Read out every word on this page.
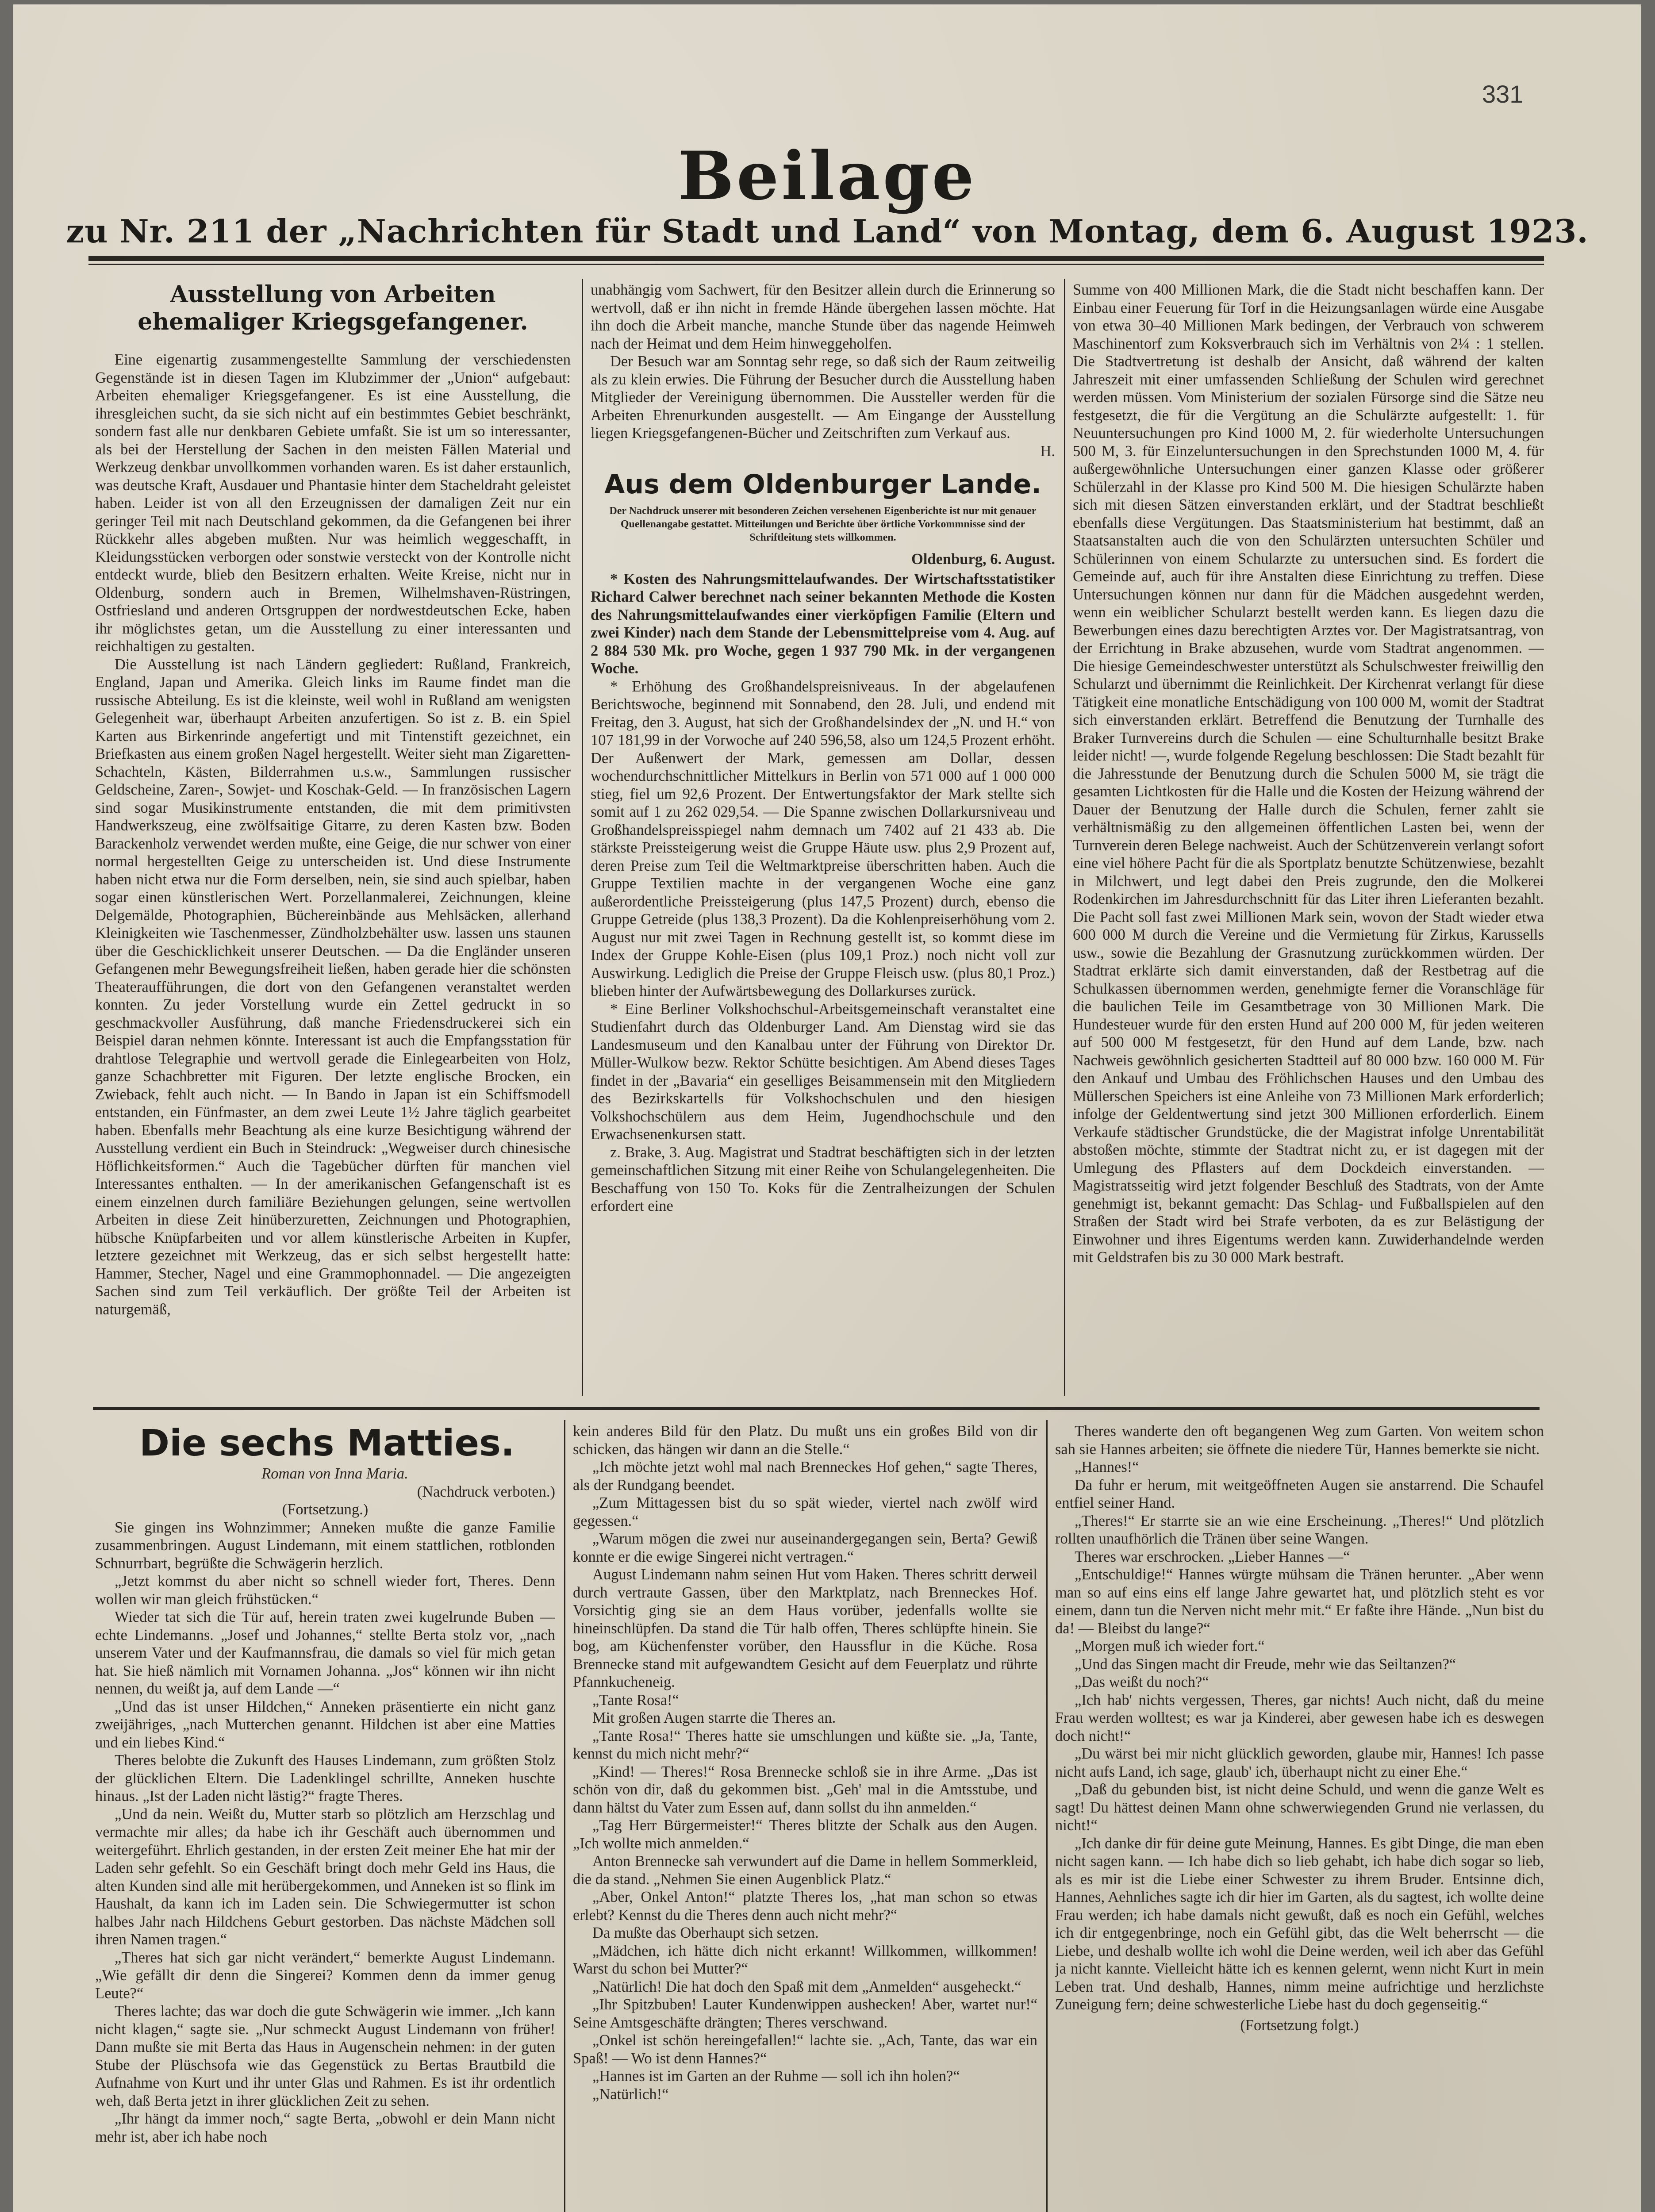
331
Beilage
zu Nr. 211 der „Nachrichten für Stadt und Land“ von Montag, dem 6. August 1923.
Ausstellung von Arbeiten ehemaliger Kriegsgefangener.

Eine eigenartig zusammengestellte Sammlung der verschiedensten Gegenstände ist in diesen Tagen im Klubzimmer der „Union“ aufgebaut: Arbeiten ehemaliger Kriegsgefangener. Es ist eine Ausstellung, die ihresgleichen sucht, da sie sich nicht auf ein bestimmtes Gebiet beschränkt, sondern fast alle nur denkbaren Gebiete umfaßt. Sie ist um so interessanter, als bei der Herstellung der Sachen in den meisten Fällen Material und Werkzeug denkbar unvollkommen vorhanden waren. Es ist daher erstaunlich, was deutsche Kraft, Ausdauer und Phantasie hinter dem Stacheldraht geleistet haben. Leider ist von all den Erzeugnissen der damaligen Zeit nur ein geringer Teil mit nach Deutschland gekommen, da die Gefangenen bei ihrer Rückkehr alles abgeben mußten. Nur was heimlich weggeschafft, in Kleidungsstücken verborgen oder sonstwie versteckt von der Kontrolle nicht entdeckt wurde, blieb den Besitzern erhalten. Weite Kreise, nicht nur in Oldenburg, sondern auch in Bremen, Wilhelmshaven-Rüstringen, Ostfriesland und anderen Ortsgruppen der nordwestdeutschen Ecke, haben ihr möglichstes getan, um die Ausstellung zu einer interessanten und reichhaltigen zu gestalten.

Die Ausstellung ist nach Ländern gegliedert: Rußland, Frankreich, England, Japan und Amerika. Gleich links im Raume findet man die russische Abteilung. Es ist die kleinste, weil wohl in Rußland am wenigsten Gelegenheit war, überhaupt Arbeiten anzufertigen. So ist z. B. ein Spiel Karten aus Birkenrinde angefertigt und mit Tintenstift gezeichnet, ein Briefkasten aus einem großen Nagel hergestellt. Weiter sieht man Zigaretten-Schachteln, Kästen, Bilderrahmen u.s.w., Sammlungen russischer Geldscheine, Zaren-, Sowjet- und Koschak-Geld. — In französischen Lagern sind sogar Musikinstrumente entstanden, die mit dem primitivsten Handwerkszeug, eine zwölfsaitige Gitarre, zu deren Kasten bzw. Boden Barackenholz verwendet werden mußte, eine Geige, die nur schwer von einer normal hergestellten Geige zu unterscheiden ist. Und diese Instrumente haben nicht etwa nur die Form derselben, nein, sie sind auch spielbar, haben sogar einen künstlerischen Wert. Porzellanmalerei, Zeichnungen, kleine Delgemälde, Photographien, Büchereinbände aus Mehlsäcken, allerhand Kleinigkeiten wie Taschenmesser, Zündholzbehälter usw. lassen uns staunen über die Geschicklichkeit unserer Deutschen. — Da die Engländer unseren Gefangenen mehr Bewegungsfreiheit ließen, haben gerade hier die schönsten Theateraufführungen, die dort von den Gefangenen veranstaltet werden konnten. Zu jeder Vorstellung wurde ein Zettel gedruckt in so geschmackvoller Ausführung, daß manche Friedensdruckerei sich ein Beispiel daran nehmen könnte. Interessant ist auch die Empfangsstation für drahtlose Telegraphie und wertvoll gerade die Einlegearbeiten von Holz, ganze Schachbretter mit Figuren. Der letzte englische Brocken, ein Zwieback, fehlt auch nicht. — In Bando in Japan ist ein Schiffsmodell entstanden, ein Fünfmaster, an dem zwei Leute 1½ Jahre täglich gearbeitet haben. Ebenfalls mehr Beachtung als eine kurze Besichtigung während der Ausstellung verdient ein Buch in Steindruck: „Wegweiser durch chinesische Höflichkeitsformen.“ Auch die Tagebücher dürften für manchen viel Interessantes enthalten. — In der amerikanischen Gefangenschaft ist es einem einzelnen durch familiäre Beziehungen gelungen, seine wertvollen Arbeiten in diese Zeit hinüberzuretten, Zeichnungen und Photographien, hübsche Knüpfarbeiten und vor allem künstlerische Arbeiten in Kupfer, letztere gezeichnet mit Werkzeug, das er sich selbst hergestellt hatte: Hammer, Stecher, Nagel und eine Grammophonnadel. — Die angezeigten Sachen sind zum Teil verkäuflich. Der größte Teil der Arbeiten ist naturgemäß,

unabhängig vom Sachwert, für den Besitzer allein durch die Erinnerung so wertvoll, daß er ihn nicht in fremde Hände übergehen lassen möchte. Hat ihn doch die Arbeit manche, manche Stunde über das nagende Heimweh nach der Heimat und dem Heim hinweggeholfen.

Der Besuch war am Sonntag sehr rege, so daß sich der Raum zeitweilig als zu klein erwies. Die Führung der Besucher durch die Ausstellung haben Mitglieder der Vereinigung übernommen. Die Aussteller werden für die Arbeiten Ehrenurkunden ausgestellt. — Am Eingange der Ausstellung liegen Kriegsgefangenen-Bücher und Zeitschriften zum Verkauf aus.

H.

Aus dem Oldenburger Lande.

Der Nachdruck unserer mit besonderen Zeichen versehenen Eigenberichte ist nur mit genauer Quellenangabe gestattet. Mitteilungen und Berichte über örtliche Vorkommnisse sind der Schriftleitung stets willkommen.

Oldenburg, 6. August.

* Kosten des Nahrungsmittelaufwandes. Der Wirtschaftsstatistiker Richard Calwer berechnet nach seiner bekannten Methode die Kosten des Nahrungsmittelaufwandes einer vierköpfigen Familie (Eltern und zwei Kinder) nach dem Stande der Lebensmittelpreise vom 4. Aug. auf 2 884 530 Mk. pro Woche, gegen 1 937 790 Mk. in der vergangenen Woche.

* Erhöhung des Großhandelspreisniveaus. In der abgelaufenen Berichtswoche, beginnend mit Sonnabend, den 28. Juli, und endend mit Freitag, den 3. August, hat sich der Großhandelsindex der „N. und H.“ von 107 181,99 in der Vorwoche auf 240 596,58, also um 124,5 Prozent erhöht. Der Außenwert der Mark, gemessen am Dollar, dessen wochendurchschnittlicher Mittelkurs in Berlin von 571 000 auf 1 000 000 stieg, fiel um 92,6 Prozent. Der Entwertungsfaktor der Mark stellte sich somit auf 1 zu 262 029,54. — Die Spanne zwischen Dollarkursniveau und Großhandelspreisspiegel nahm demnach um 7402 auf 21 433 ab. Die stärkste Preissteigerung weist die Gruppe Häute usw. plus 2,9 Prozent auf, deren Preise zum Teil die Weltmarktpreise überschritten haben. Auch die Gruppe Textilien machte in der vergangenen Woche eine ganz außerordentliche Preissteigerung (plus 147,5 Prozent) durch, ebenso die Gruppe Getreide (plus 138,3 Prozent). Da die Kohlenpreiserhöhung vom 2. August nur mit zwei Tagen in Rechnung gestellt ist, so kommt diese im Index der Gruppe Kohle-Eisen (plus 109,1 Proz.) noch nicht voll zur Auswirkung. Lediglich die Preise der Gruppe Fleisch usw. (plus 80,1 Proz.) blieben hinter der Aufwärtsbewegung des Dollarkurses zurück.

* Eine Berliner Volkshochschul-Arbeitsgemeinschaft veranstaltet eine Studienfahrt durch das Oldenburger Land. Am Dienstag wird sie das Landesmuseum und den Kanalbau unter der Führung von Direktor Dr. Müller-Wulkow bezw. Rektor Schütte besichtigen. Am Abend dieses Tages findet in der „Bavaria“ ein geselliges Beisammensein mit den Mitgliedern des Bezirkskartells für Volkshochschulen und den hiesigen Volkshochschülern aus dem Heim, Jugendhochschule und den Erwachsenenkursen statt.

z. Brake, 3. Aug. Magistrat und Stadtrat beschäftigten sich in der letzten gemeinschaftlichen Sitzung mit einer Reihe von Schulangelegenheiten. Die Beschaffung von 150 To. Koks für die Zentralheizungen der Schulen erfordert eine

Summe von 400 Millionen Mark, die die Stadt nicht beschaffen kann. Der Einbau einer Feuerung für Torf in die Heizungsanlagen würde eine Ausgabe von etwa 30–40 Millionen Mark bedingen, der Verbrauch von schwerem Maschinentorf zum Koksverbrauch sich im Verhältnis von 2¼ : 1 stellen. Die Stadtvertretung ist deshalb der Ansicht, daß während der kalten Jahreszeit mit einer umfassenden Schließung der Schulen wird gerechnet werden müssen. Vom Ministerium der sozialen Fürsorge sind die Sätze neu festgesetzt, die für die Vergütung an die Schulärzte aufgestellt: 1. für Neuuntersuchungen pro Kind 1000 M, 2. für wiederholte Untersuchungen 500 M, 3. für Einzeluntersuchungen in den Sprechstunden 1000 M, 4. für außergewöhnliche Untersuchungen einer ganzen Klasse oder größerer Schülerzahl in der Klasse pro Kind 500 M. Die hiesigen Schulärzte haben sich mit diesen Sätzen einverstanden erklärt, und der Stadtrat beschließt ebenfalls diese Vergütungen. Das Staatsministerium hat bestimmt, daß an Staatsanstalten auch die von den Schulärzten untersuchten Schüler und Schülerinnen von einem Schularzte zu untersuchen sind. Es fordert die Gemeinde auf, auch für ihre Anstalten diese Einrichtung zu treffen. Diese Untersuchungen können nur dann für die Mädchen ausgedehnt werden, wenn ein weiblicher Schularzt bestellt werden kann. Es liegen dazu die Bewerbungen eines dazu berechtigten Arztes vor. Der Magistratsantrag, von der Errichtung in Brake abzusehen, wurde vom Stadtrat angenommen. — Die hiesige Gemeindeschwester unterstützt als Schulschwester freiwillig den Schularzt und übernimmt die Reinlichkeit. Der Kirchenrat verlangt für diese Tätigkeit eine monatliche Entschädigung von 100 000 M, womit der Stadtrat sich einverstanden erklärt. Betreffend die Benutzung der Turnhalle des Braker Turnvereins durch die Schulen — eine Schulturnhalle besitzt Brake leider nicht! —, wurde folgende Regelung beschlossen: Die Stadt bezahlt für die Jahresstunde der Benutzung durch die Schulen 5000 M, sie trägt die gesamten Lichtkosten für die Halle und die Kosten der Heizung während der Dauer der Benutzung der Halle durch die Schulen, ferner zahlt sie verhältnismäßig zu den allgemeinen öffentlichen Lasten bei, wenn der Turnverein deren Belege nachweist. Auch der Schützenverein verlangt sofort eine viel höhere Pacht für die als Sportplatz benutzte Schützenwiese, bezahlt in Milchwert, und legt dabei den Preis zugrunde, den die Molkerei Rodenkirchen im Jahresdurchschnitt für das Liter ihren Lieferanten bezahlt. Die Pacht soll fast zwei Millionen Mark sein, wovon der Stadt wieder etwa 600 000 M durch die Vereine und die Vermietung für Zirkus, Karussells usw., sowie die Bezahlung der Grasnutzung zurückkommen würden. Der Stadtrat erklärte sich damit einverstanden, daß der Restbetrag auf die Schulkassen übernommen werden, genehmigte ferner die Voranschläge für die baulichen Teile im Gesamtbetrage von 30 Millionen Mark. Die Hundesteuer wurde für den ersten Hund auf 200 000 M, für jeden weiteren auf 500 000 M festgesetzt, für den Hund auf dem Lande, bzw. nach Nachweis gewöhnlich gesicherten Stadtteil auf 80 000 bzw. 160 000 M. Für den Ankauf und Umbau des Fröhlichschen Hauses und den Umbau des Müllerschen Speichers ist eine Anleihe von 73 Millionen Mark erforderlich; infolge der Geldentwertung sind jetzt 300 Millionen erforderlich. Einem Verkaufe städtischer Grundstücke, die der Magistrat infolge Unrentabilität abstoßen möchte, stimmte der Stadtrat nicht zu, er ist dagegen mit der Umlegung des Pflasters auf dem Dockdeich einverstanden. — Magistratsseitig wird jetzt folgender Beschluß des Stadtrats, von der Amte genehmigt ist, bekannt gemacht: Das Schlag- und Fußballspielen auf den Straßen der Stadt wird bei Strafe verboten, da es zur Belästigung der Einwohner und ihres Eigentums werden kann. Zuwiderhandelnde werden mit Geldstrafen bis zu 30 000 Mark bestraft.

Die sechs Matties.

Roman von Inna Maria.

(Nachdruck verboten.)

(Fortsetzung.)

Sie gingen ins Wohnzimmer; Anneken mußte die ganze Familie zusammenbringen. August Lindemann, mit einem stattlichen, rotblonden Schnurrbart, begrüßte die Schwägerin herzlich.

„Jetzt kommst du aber nicht so schnell wieder fort, Theres. Denn wollen wir man gleich frühstücken.“

Wieder tat sich die Tür auf, herein traten zwei kugelrunde Buben — echte Lindemanns. „Josef und Johannes,“ stellte Berta stolz vor, „nach unserem Vater und der Kaufmannsfrau, die damals so viel für mich getan hat. Sie hieß nämlich mit Vornamen Johanna. „Jos“ können wir ihn nicht nennen, du weißt ja, auf dem Lande —“

„Und das ist unser Hildchen,“ Anneken präsentierte ein nicht ganz zweijähriges, „nach Mutterchen genannt. Hildchen ist aber eine Matties und ein liebes Kind.“

Theres belobte die Zukunft des Hauses Lindemann, zum größten Stolz der glücklichen Eltern. Die Ladenklingel schrillte, Anneken huschte hinaus. „Ist der Laden nicht lästig?“ fragte Theres.

„Und da nein. Weißt du, Mutter starb so plötzlich am Herzschlag und vermachte mir alles; da habe ich ihr Geschäft auch übernommen und weitergeführt. Ehrlich gestanden, in der ersten Zeit meiner Ehe hat mir der Laden sehr gefehlt. So ein Geschäft bringt doch mehr Geld ins Haus, die alten Kunden sind alle mit herübergekommen, und Anneken ist so flink im Haushalt, da kann ich im Laden sein. Die Schwiegermutter ist schon halbes Jahr nach Hildchens Geburt gestorben. Das nächste Mädchen soll ihren Namen tragen.“

„Theres hat sich gar nicht verändert,“ bemerkte August Lindemann. „Wie gefällt dir denn die Singerei? Kommen denn da immer genug Leute?“

Theres lachte; das war doch die gute Schwägerin wie immer. „Ich kann nicht klagen,“ sagte sie. „Nur schmeckt August Lindemann von früher! Dann mußte sie mit Berta das Haus in Augenschein nehmen: in der guten Stube der Plüschsofa wie das Gegenstück zu Bertas Brautbild die Aufnahme von Kurt und ihr unter Glas und Rahmen. Es ist ihr ordentlich weh, daß Berta jetzt in ihrer glücklichen Zeit zu sehen.

„Ihr hängt da immer noch,“ sagte Berta, „obwohl er dein Mann nicht mehr ist, aber ich habe noch

kein anderes Bild für den Platz. Du mußt uns ein großes Bild von dir schicken, das hängen wir dann an die Stelle.“

„Ich möchte jetzt wohl mal nach Brenneckes Hof gehen,“ sagte Theres, als der Rundgang beendet.

„Zum Mittagessen bist du so spät wieder, viertel nach zwölf wird gegessen.“

„Warum mögen die zwei nur auseinandergegangen sein, Berta? Gewiß konnte er die ewige Singerei nicht vertragen.“

August Lindemann nahm seinen Hut vom Haken. Theres schritt derweil durch vertraute Gassen, über den Marktplatz, nach Brenneckes Hof. Vorsichtig ging sie an dem Haus vorüber, jedenfalls wollte sie hineinschlüpfen. Da stand die Tür halb offen, Theres schlüpfte hinein. Sie bog, am Küchenfenster vorüber, den Haussflur in die Küche. Rosa Brennecke stand mit aufgewandtem Gesicht auf dem Feuerplatz und rührte Pfannkucheneig.

„Tante Rosa!“

Mit großen Augen starrte die Theres an.

„Tante Rosa!“ Theres hatte sie umschlungen und küßte sie. „Ja, Tante, kennst du mich nicht mehr?“

„Kind! — Theres!“ Rosa Brennecke schloß sie in ihre Arme. „Das ist schön von dir, daß du gekommen bist. „Geh' mal in die Amtsstube, und dann hältst du Vater zum Essen auf, dann sollst du ihn anmelden.“

„Tag Herr Bürgermeister!“ Theres blitzte der Schalk aus den Augen. „Ich wollte mich anmelden.“

Anton Brennecke sah verwundert auf die Dame in hellem Sommerkleid, die da stand. „Nehmen Sie einen Augenblick Platz.“

„Aber, Onkel Anton!“ platzte Theres los, „hat man schon so etwas erlebt? Kennst du die Theres denn auch nicht mehr?“

Da mußte das Oberhaupt sich setzen.

„Mädchen, ich hätte dich nicht erkannt! Willkommen, willkommen! Warst du schon bei Mutter?“

„Natürlich! Die hat doch den Spaß mit dem „Anmelden“ ausgeheckt.“

„Ihr Spitzbuben! Lauter Kundenwippen aushecken! Aber, wartet nur!“ Seine Amtsgeschäfte drängten; Theres verschwand.

„Onkel ist schön hereingefallen!“ lachte sie. „Ach, Tante, das war ein Spaß! — Wo ist denn Hannes?“

„Hannes ist im Garten an der Ruhme — soll ich ihn holen?“

„Natürlich!“

Theres wanderte den oft begangenen Weg zum Garten. Von weitem schon sah sie Hannes arbeiten; sie öffnete die niedere Tür, Hannes bemerkte sie nicht.

„Hannes!“

Da fuhr er herum, mit weitgeöffneten Augen sie anstarrend. Die Schaufel entfiel seiner Hand.

„Theres!“ Er starrte sie an wie eine Erscheinung. „Theres!“ Und plötzlich rollten unaufhörlich die Tränen über seine Wangen.

Theres war erschrocken. „Lieber Hannes —“

„Entschuldige!“ Hannes würgte mühsam die Tränen herunter. „Aber wenn man so auf eins eins elf lange Jahre gewartet hat, und plötzlich steht es vor einem, dann tun die Nerven nicht mehr mit.“ Er faßte ihre Hände. „Nun bist du da! — Bleibst du lange?“

„Morgen muß ich wieder fort.“

„Und das Singen macht dir Freude, mehr wie das Seiltanzen?“

„Das weißt du noch?“

„Ich hab' nichts vergessen, Theres, gar nichts! Auch nicht, daß du meine Frau werden wolltest; es war ja Kinderei, aber gewesen habe ich es deswegen doch nicht!“

„Du wärst bei mir nicht glücklich geworden, glaube mir, Hannes! Ich passe nicht aufs Land, ich sage, glaub' ich, überhaupt nicht zu einer Ehe.“

„Daß du gebunden bist, ist nicht deine Schuld, und wenn die ganze Welt es sagt! Du hättest deinen Mann ohne schwerwiegenden Grund nie verlassen, du nicht!“

„Ich danke dir für deine gute Meinung, Hannes. Es gibt Dinge, die man eben nicht sagen kann. — Ich habe dich so lieb gehabt, ich habe dich sogar so lieb, als es mir ist die Liebe einer Schwester zu ihrem Bruder. Entsinne dich, Hannes, Aehnliches sagte ich dir hier im Garten, als du sagtest, ich wollte deine Frau werden; ich habe damals nicht gewußt, daß es noch ein Gefühl, welches ich dir entgegenbringe, noch ein Gefühl gibt, das die Welt beherrscht — die Liebe, und deshalb wollte ich wohl die Deine werden, weil ich aber das Gefühl ja nicht kannte. Vielleicht hätte ich es kennen gelernt, wenn nicht Kurt in mein Leben trat. Und deshalb, Hannes, nimm meine aufrichtige und herzlichste Zuneigung fern; deine schwesterliche Liebe hast du doch gegenseitig.“

(Fortsetzung folgt.)
